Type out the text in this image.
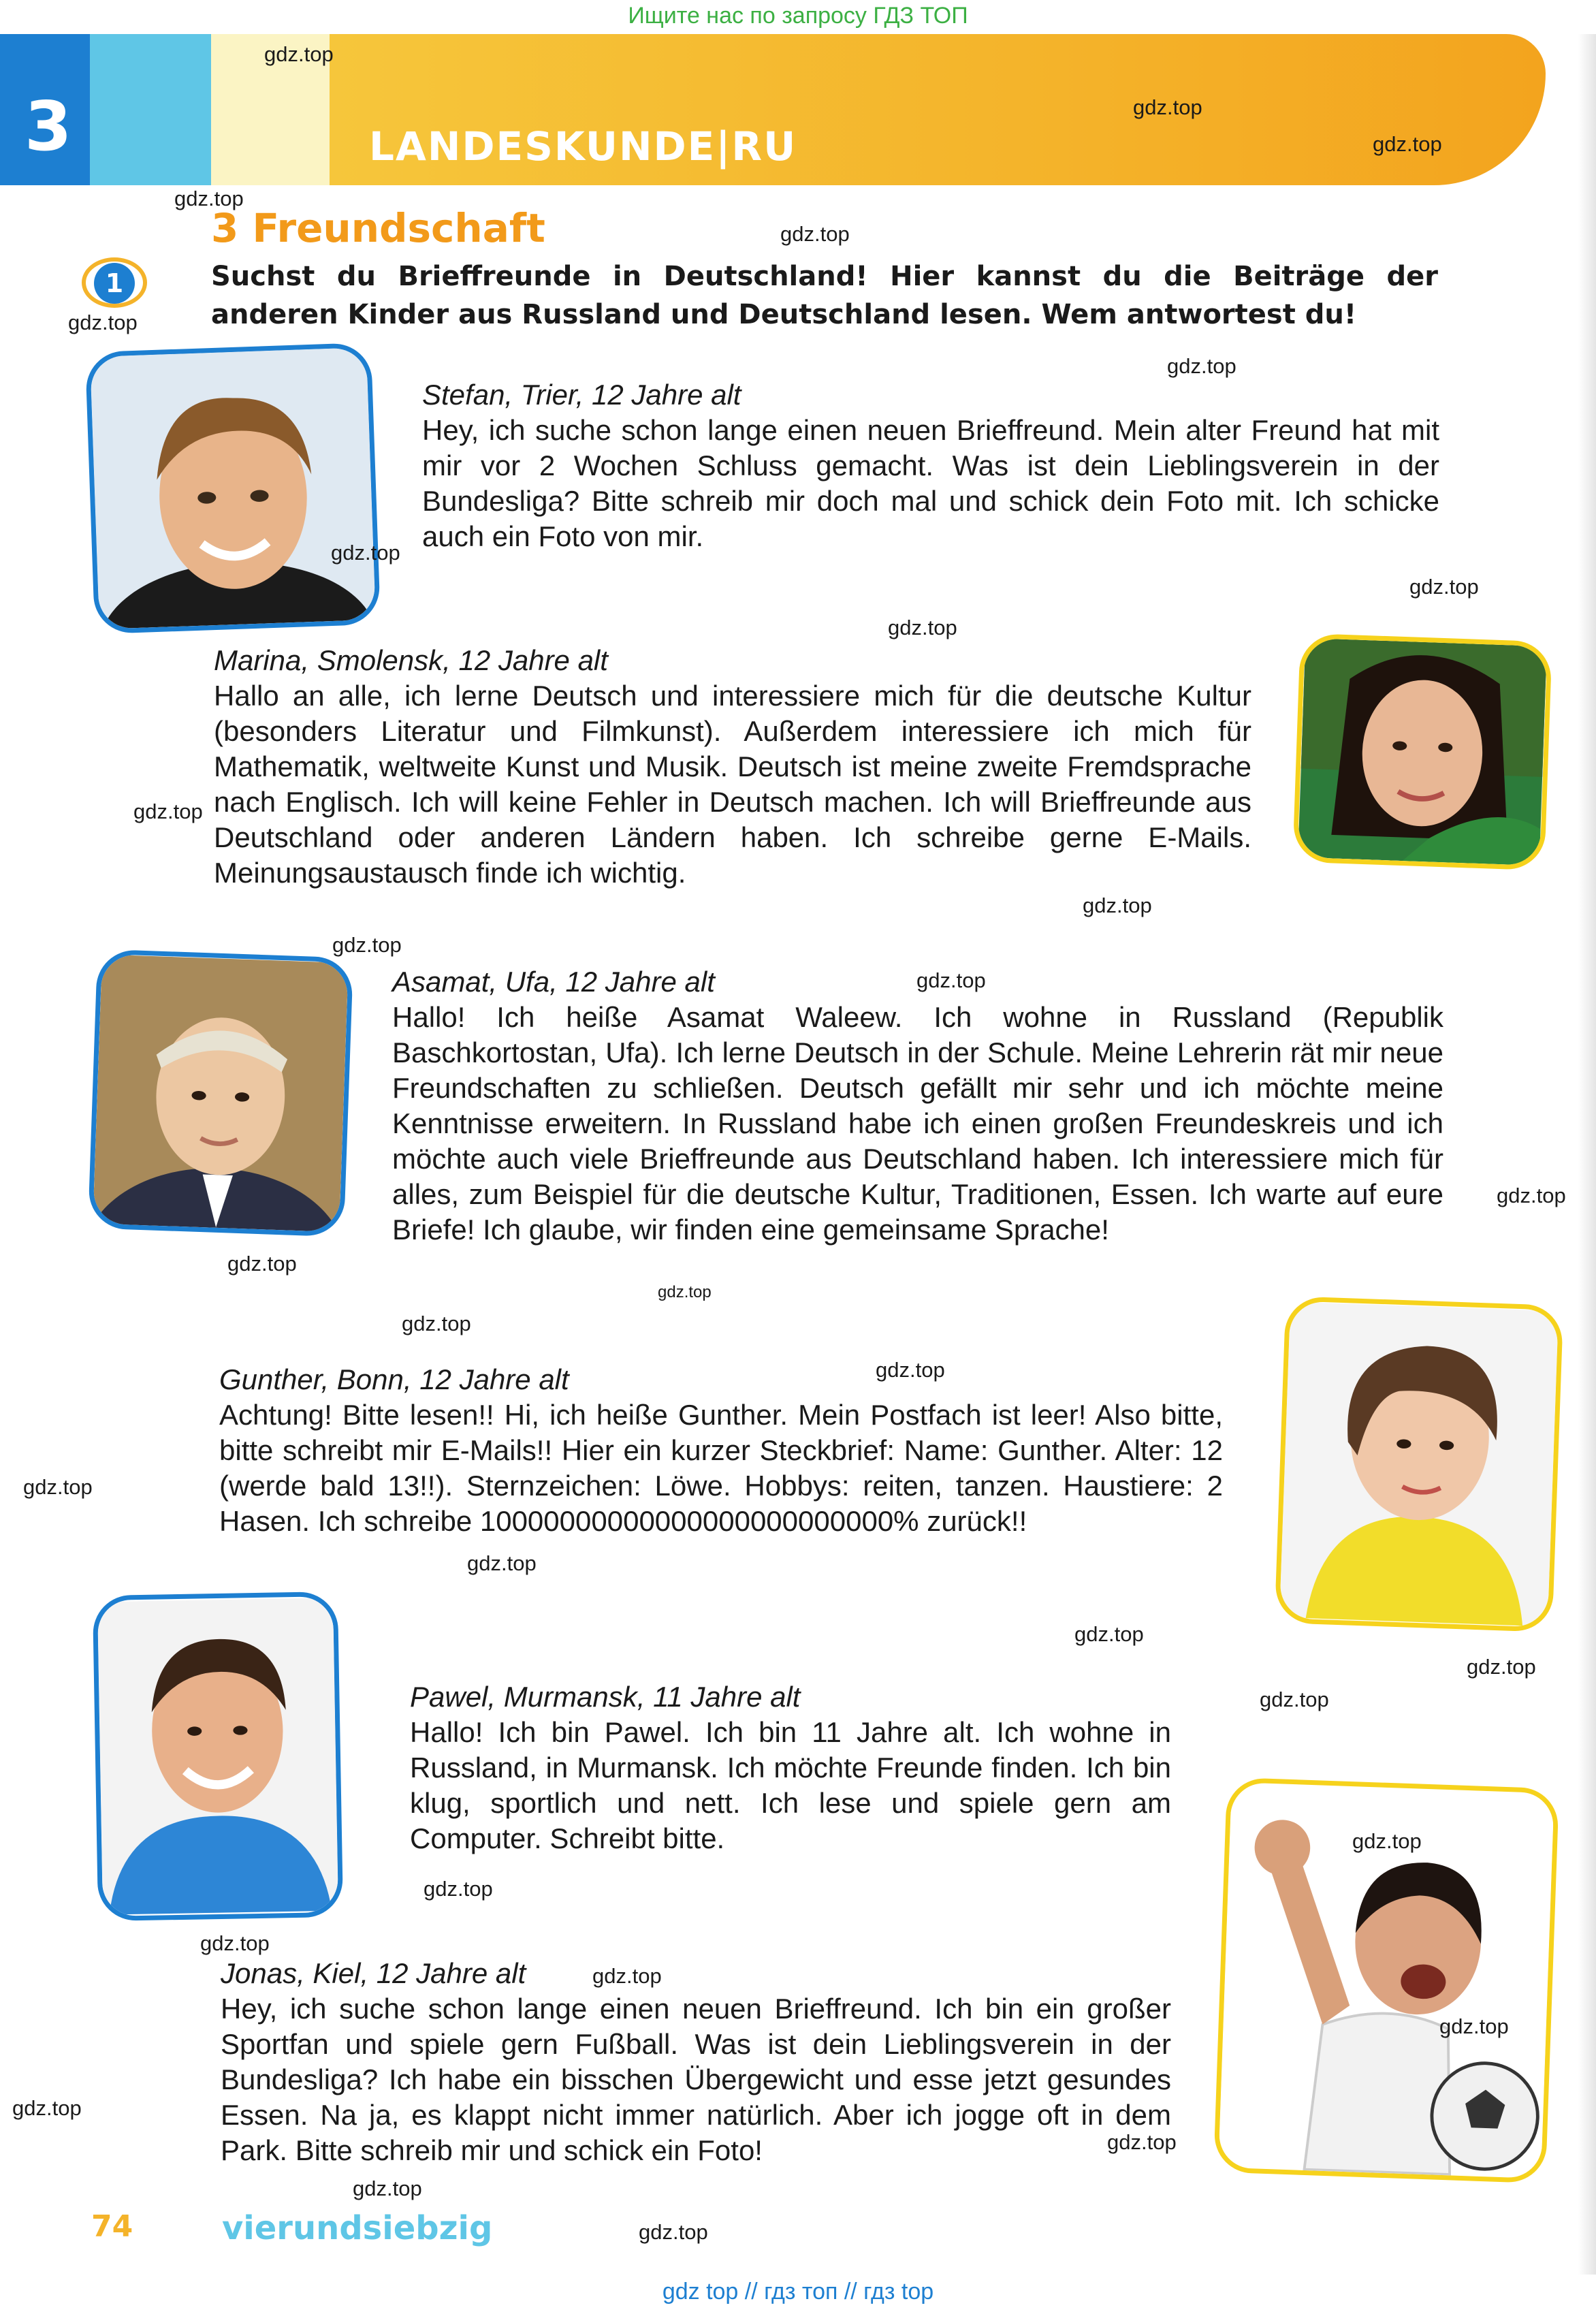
Ищите нас по запросу ГДЗ ТОП
3	LANDESKUNDE|RU
3 Freundschaft
1	Suchst du Brieffreunde in Deutschland! Hier kannst du die Beiträge der anderen Kinder aus Russland und Deutschland lesen. Wem antwortest du!
Stefan, Trier, 12 Jahre alt
Hey, ich suche schon lange einen neuen Brieffreund. Mein alter Freund hat mit mir vor 2 Wochen Schluss gemacht. Was ist dein Lieblingsverein in der Bundesliga? Bitte schreib mir doch mal und schick dein Foto mit. Ich schicke auch ein Foto von mir.
Marina, Smolensk, 12 Jahre alt
Hallo an alle, ich lerne Deutsch und interessiere mich für die deutsche Kultur (besonders Literatur und Filmkunst). Außerdem interessiere ich mich für Mathematik, weltweite Kunst und Musik. Deutsch ist meine zweite Fremdsprache nach Englisch. Ich will keine Fehler in Deutsch machen. Ich will Brieffreunde aus Deutschland oder anderen Ländern haben. Ich schreibe gerne E-Mails. Meinungsaustausch finde ich wichtig.
Asamat, Ufa, 12 Jahre alt
Hallo! Ich heiße Asamat Waleew. Ich wohne in Russland (Republik Baschkortostan, Ufa). Ich lerne Deutsch in der Schule. Meine Lehrerin rät mir neue Freundschaften zu schließen. Deutsch gefällt mir sehr und ich möchte meine Kenntnisse erweitern. In Russland habe ich einen großen Freundeskreis und ich möchte auch viele Brieffreunde aus Deutschland haben. Ich interessiere mich für alles, zum Beispiel für die deutsche Kultur, Traditionen, Essen. Ich warte auf eure Briefe! Ich glaube, wir finden eine gemeinsame Sprache!
Gunther, Bonn, 12 Jahre alt
Achtung! Bitte lesen!! Hi, ich heiße Gunther. Mein Postfach ist leer! Also bitte, bitte schreibt mir E-Mails!! Hier ein kurzer Steckbrief: Name: Gunther. Alter: 12 (werde bald 13!!). Sternzeichen: Löwe. Hobbys: reiten, tanzen. Haustiere: 2 Hasen. Ich schreibe 10000000000000000000000000% zurück!!
Pawel, Murmansk, 11 Jahre alt
Hallo! Ich bin Pawel. Ich bin 11 Jahre alt. Ich wohne in Russland, in Murmansk. Ich möchte Freunde finden. Ich bin klug, sportlich und nett. Ich lese und spiele gern am Computer. Schreibt bitte.
Jonas, Kiel, 12 Jahre alt
Hey, ich suche schon lange einen neuen Brieffreund. Ich bin ein großer Sportfan und spiele gern Fußball. Was ist dein Lieblingsverein in der Bundesliga? Ich habe ein bisschen Übergewicht und esse jetzt gesundes Essen. Na ja, es klappt nicht immer natürlich. Aber ich jogge oft in dem Park. Bitte schreib mir und schick ein Foto!
gdz.top
gdz.top
gdz.top
gdz.top
gdz.top
gdz.top
gdz.top
gdz.top
gdz.top
gdz.top
gdz.top
gdz.top
gdz.top
gdz.top
gdz.top
gdz.top
gdz.top
gdz.top
gdz.top
gdz.top
gdz.top
gdz.top
gdz.top
gdz.top
gdz.top
gdz.top
gdz.top
gdz.top
gdz.top
gdz.top
gdz.top
gdz.top
gdz.top
74	vierundsiebzig
gdz top // гдз топ // гдз top
